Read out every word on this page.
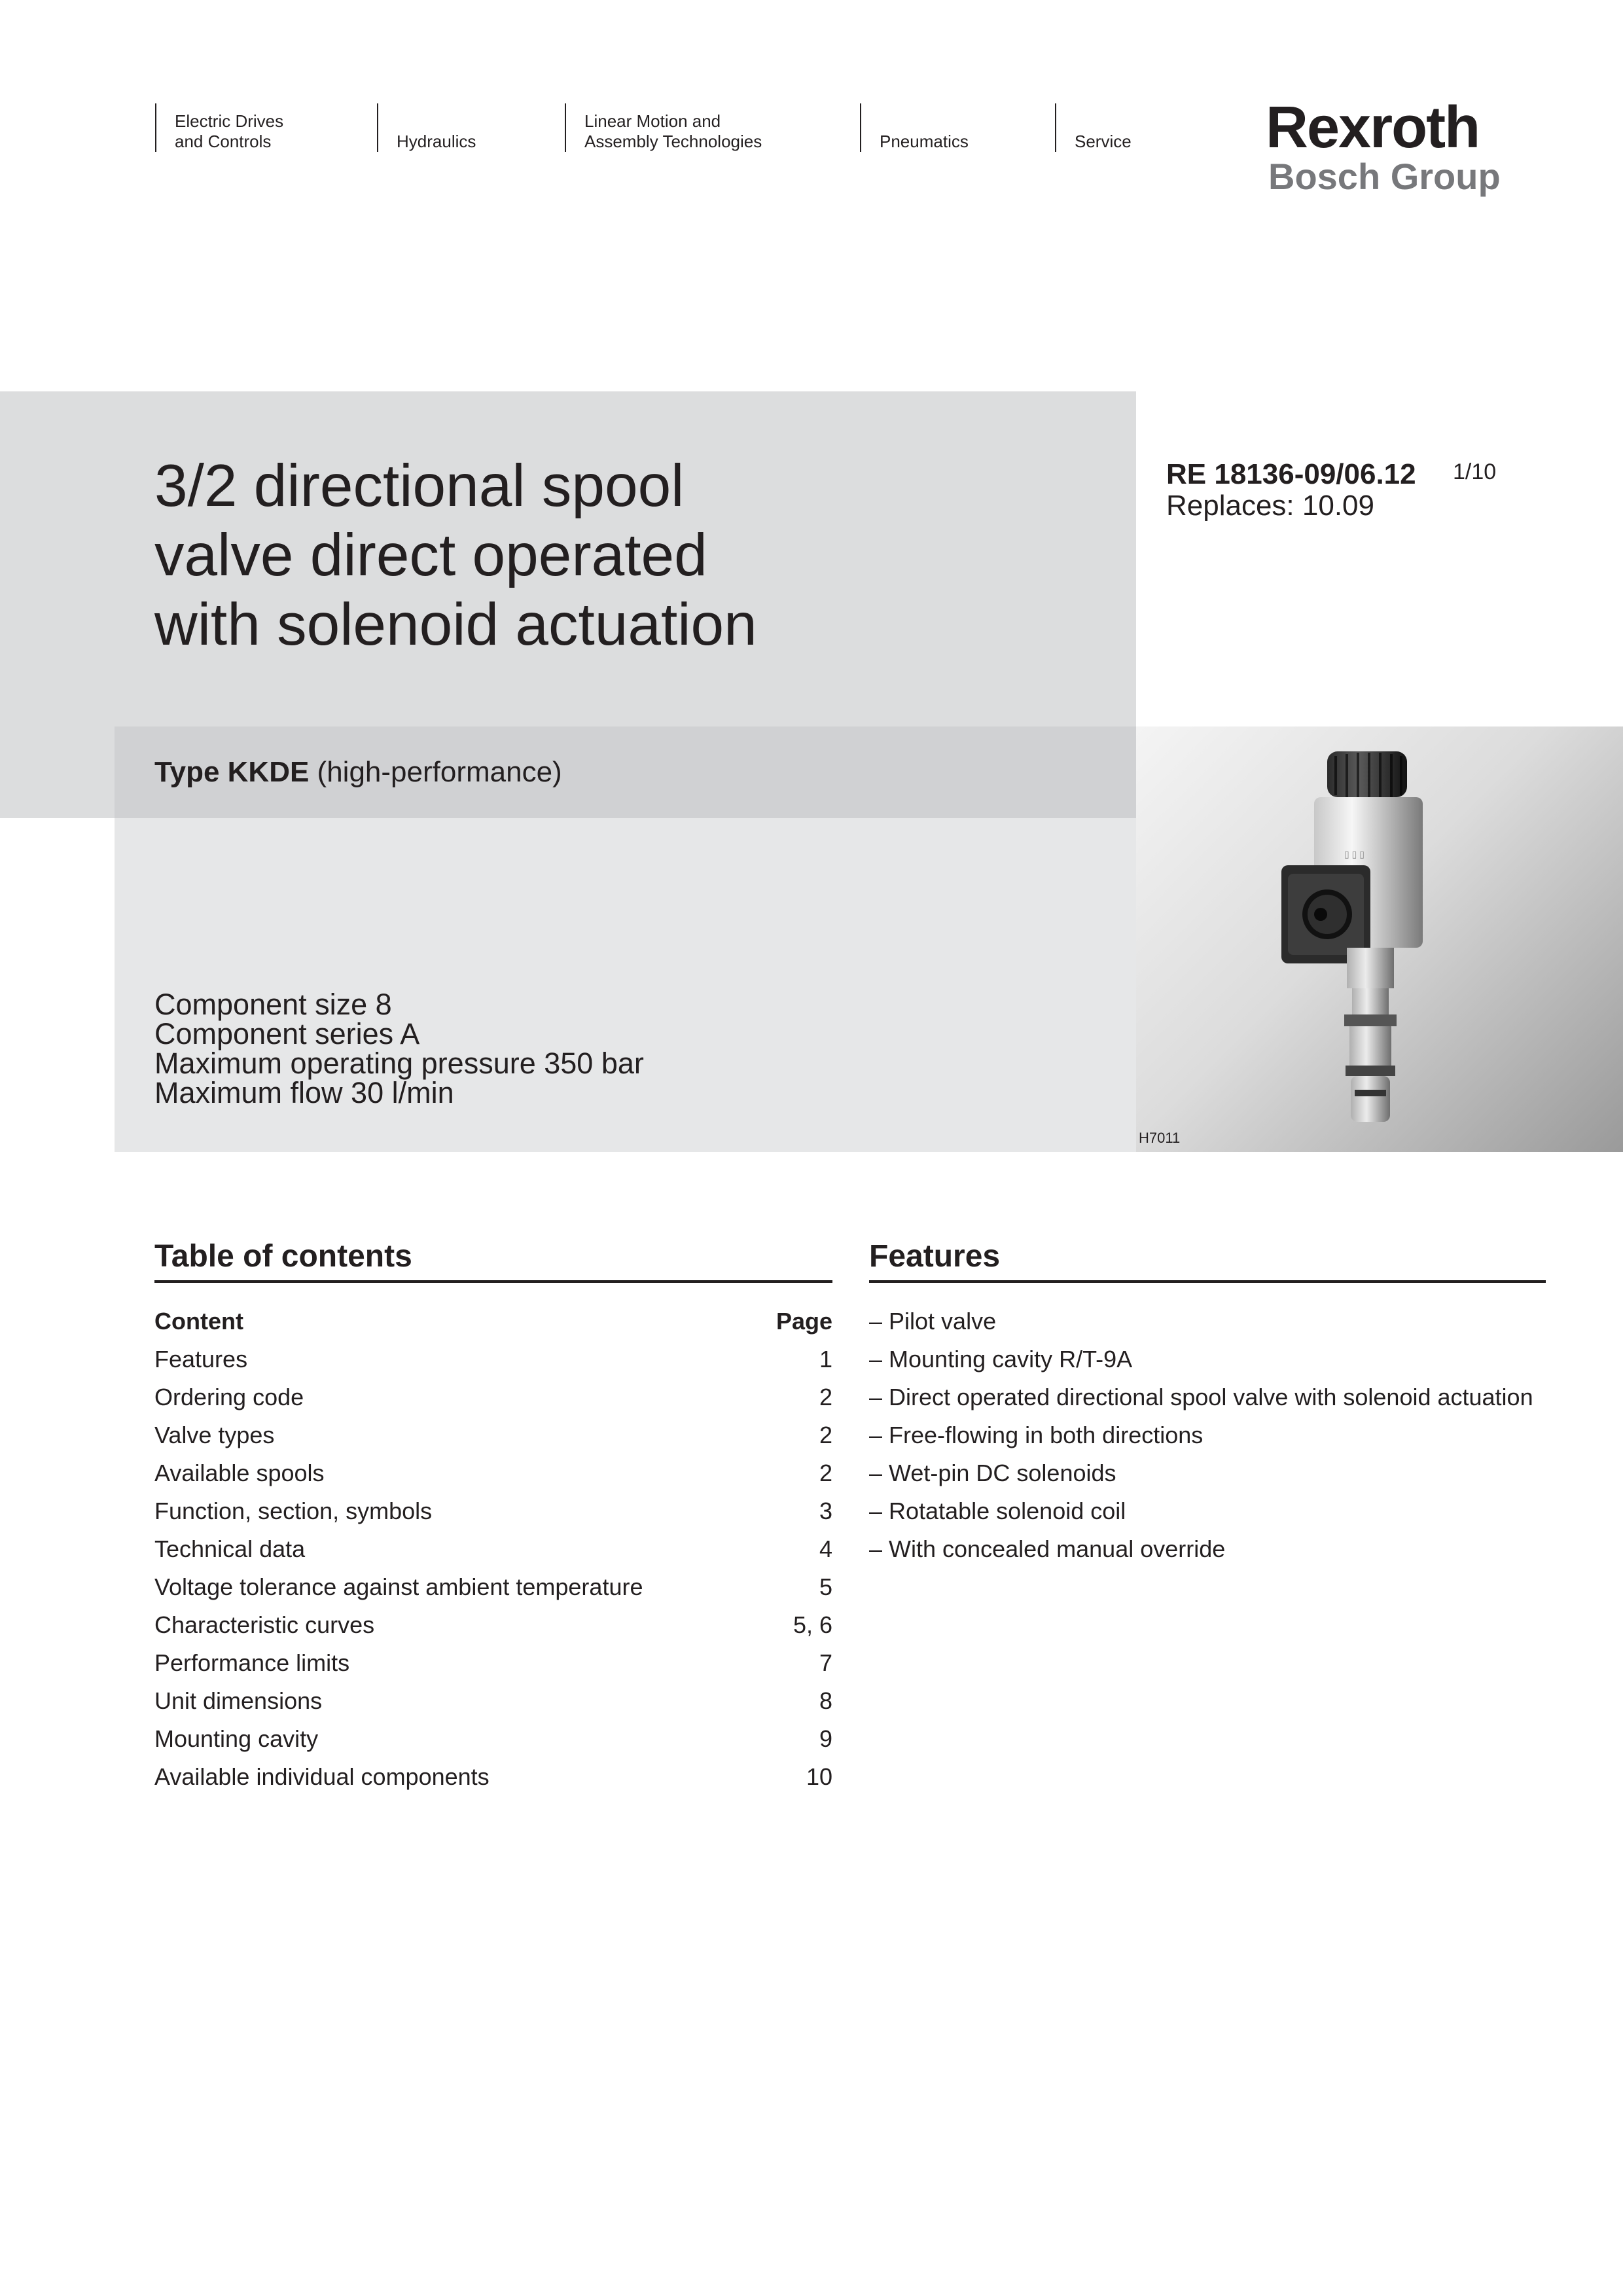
Electric Drives
and Controls	Hydraulics
Linear Motion and
Assembly Technologies	Pneumatics	Service Rexroth
Bosch Group
3/2 directional spool
valve direct operated
with solenoid actuation
RE 18136-09/06.12
Replaces: 10.09
1/10
Type KKDE (high-performance)
Component size 8
Component series A
Maximum operating pressure 350 bar
Maximum flow 30 l/min
▯ ▯ ▯
H7011
Table of contents
Content	Page
Features	1
Ordering code	2
Valve types	2
Available spools	2
Function, section, symbols	3
Technical data	4
Voltage tolerance against ambient temperature	5
Characteristic curves	5, 6
Performance limits	7
Unit dimensions	8
Mounting cavity	9
Available individual components	10
Features
– Pilot valve
– Mounting cavity R/T-9A
– Direct operated directional spool valve with solenoid actuation
– Free-flowing in both directions
– Wet-pin DC solenoids
– Rotatable solenoid coil
– With concealed manual override
